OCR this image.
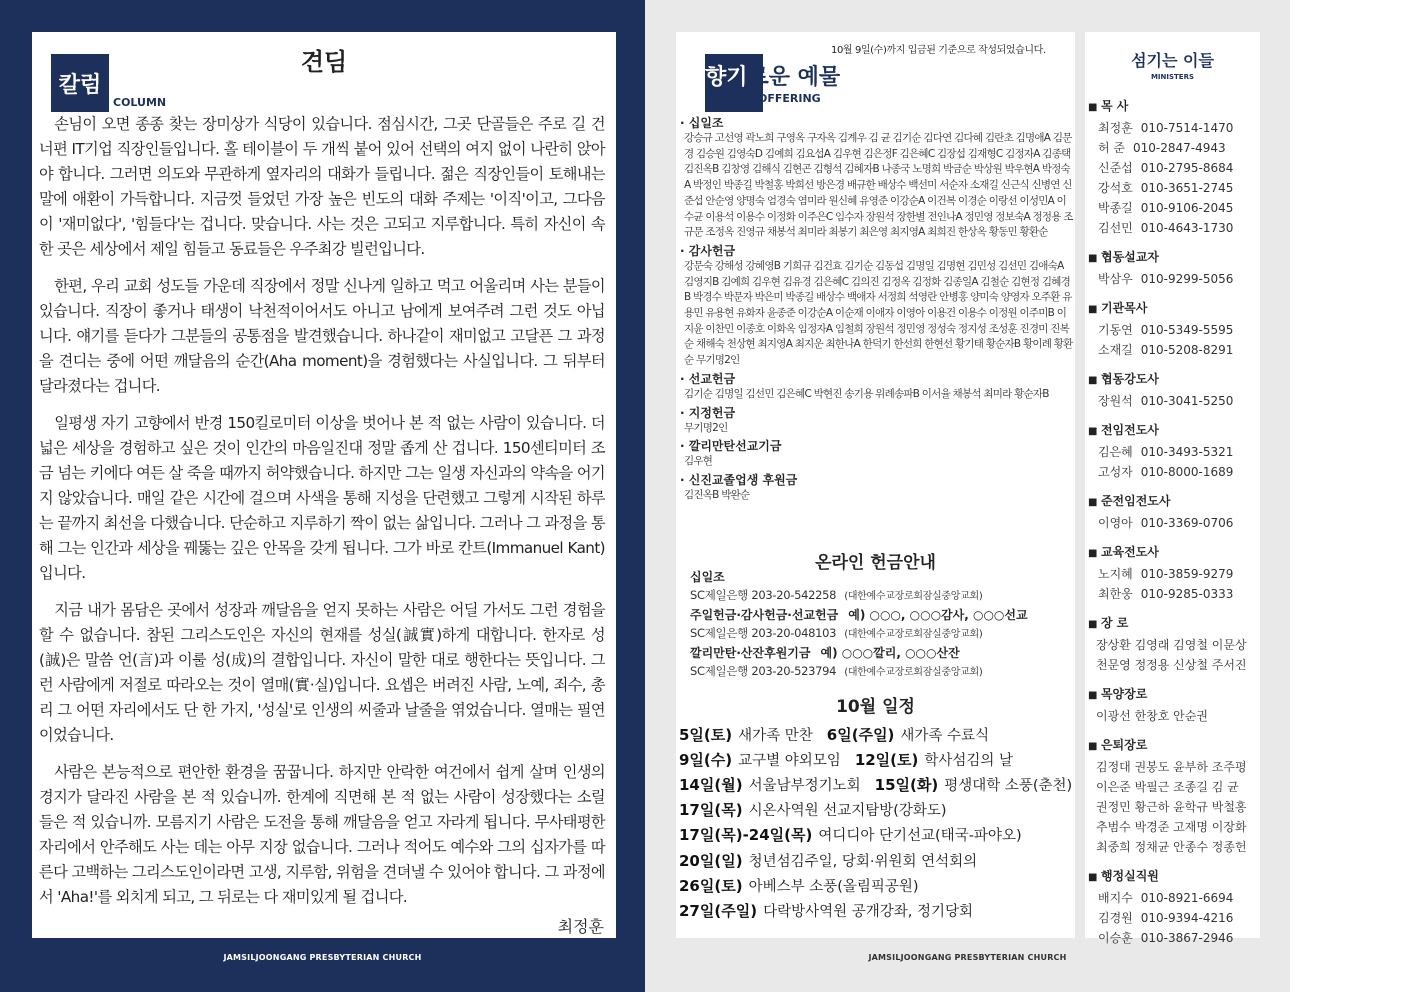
견딤
칼럼
COLUMN

손님이 오면 종종 찾는 장미상가 식당이 있습니다. 점심시간, 그곳 단골들은 주로 길 건너편 IT기업 직장인들입니다. 홀 테이블이 두 개씩 붙어 있어 선택의 여지 없이 나란히 앉아야 합니다. 그러면 의도와 무관하게 옆자리의 대화가 들립니다. 젊은 직장인들이 토해내는 말에 애환이 가득합니다. 지금껏 들었던 가장 높은 빈도의 대화 주제는 '이직'이고, 그다음이 '재미없다', '힘들다'는 겁니다. 맞습니다. 사는 것은 고되고 지루합니다. 특히 자신이 속한 곳은 세상에서 제일 힘들고 동료들은 우주최강 빌런입니다.

한편, 우리 교회 성도들 가운데 직장에서 정말 신나게 일하고 먹고 어울리며 사는 분들이 있습니다. 직장이 좋거나 태생이 낙천적이어서도 아니고 남에게 보여주려 그런 것도 아닙니다. 얘기를 듣다가 그분들의 공통점을 발견했습니다. 하나같이 재미없고 고달픈 그 과정을 견디는 중에 어떤 깨달음의 순간(Aha moment)을 경험했다는 사실입니다. 그 뒤부터 달라졌다는 겁니다.

일평생 자기 고향에서 반경 150킬로미터 이상을 벗어나 본 적 없는 사람이 있습니다. 더 넓은 세상을 경험하고 싶은 것이 인간의 마음일진대 정말 좁게 산 겁니다. 150센티미터 조금 넘는 키에다 여든 살 죽을 때까지 허약했습니다. 하지만 그는 일생 자신과의 약속을 어기지 않았습니다. 매일 같은 시간에 걸으며 사색을 통해 지성을 단련했고 그렇게 시작된 하루는 끝까지 최선을 다했습니다. 단순하고 지루하기 짝이 없는 삶입니다. 그러나 그 과정을 통해 그는 인간과 세상을 꿰뚫는 깊은 안목을 갖게 됩니다. 그가 바로 칸트(Immanuel Kant)입니다.

지금 내가 몸담은 곳에서 성장과 깨달음을 얻지 못하는 사람은 어딜 가서도 그런 경험을 할 수 없습니다. 참된 그리스도인은 자신의 현재를 성실(誠實)하게 대합니다. 한자로 성(誠)은 말씀 언(言)과 이룰 성(成)의 결합입니다. 자신이 말한 대로 행한다는 뜻입니다. 그런 사람에게 저절로 따라오는 것이 열매(實·실)입니다. 요셉은 버려진 사람, 노예, 죄수, 총리 그 어떤 자리에서도 단 한 가지, '성실'로 인생의 씨줄과 날줄을 엮었습니다. 열매는 필연이었습니다.

사람은 본능적으로 편안한 환경을 꿈꿉니다. 하지만 안락한 여건에서 쉽게 살며 인생의 경지가 달라진 사람을 본 적 있습니까. 한계에 직면해 본 적 없는 사람이 성장했다는 소릴 들은 적 있습니까. 모름지기 사람은 도전을 통해 깨달음을 얻고 자라게 됩니다. 무사태평한 자리에서 안주해도 사는 데는 아무 지장 없습니다. 그러나 적어도 예수와 그의 십자가를 따른다 고백하는 그리스도인이라면 고생, 지루함, 위험을 견뎌낼 수 있어야 합니다. 그 과정에서 'Aha!'를 외치게 되고, 그 뒤로는 다 재미있게 될 겁니다.

최정훈
JAMSILJOONGANG PRESBYTERIAN CHURCH
10월 9일(수)까지 입금된 기준으로 작성되었습니다.
향기로운 예물
OFFERING
· 십일조
강승규 고선영 곽노희 구영옥 구자옥 김계우 김 균 김기순 김다연 김다혜 김란초 김명애A 김문경 김승원 김영숙D 김예희 김요섭A 김우현 김은정F 김은혜C 김장섭 김재형C 김정자A 김종택 김진옥B 김창영 김해식 김현곤 김형석 김혜자B 나종국 노명희 박금순 박상원 박우현A 박정숙A 박정인 박종길 박철홍 박희선 방은경 배규한 배상수 백선미 서순자 소재길 신근식 신병연 신준섭 안순영 양명숙 엄경숙 염미라 원신혜 유영준 이강순A 이건복 이경순 이랑선 이성민A 이수균 이용석 이용수 이정화 이주은C 임수자 장원석 장한별 전인나A 정민영 정보숙A 정정용 조규문 조정옥 진영규 채봉석 최미라 최봉기 최은영 최지영A 최희진 한상옥 황동민 황환순
· 감사헌금
강문숙 강해성 강혜영B 기희규 김건효 김기순 김동섭 김명일 김명현 김민성 김선민 김애숙A 김영지B 김예희 김우현 김유경 김은혜C 김의진 김정옥 김정화 김종일A 김철순 김현정 김혜경B 박경수 박문자 박은미 박종길 배상수 백애자 서정희 석영란 안병홍 양미숙 양영자 오주환 유용민 유용현 유화자 윤종준 이강순A 이순재 이애자 이영아 이용건 이용수 이정원 이주미B 이지윤 이찬민 이종호 이화옥 임정자A 임철희 장원석 정민영 정성숙 정지성 조성훈 진경미 진복순 채해숙 천상현 최지영A 최지운 최한나A 한덕기 한선희 한현선 황기태 황순자B 황이례 황환순 무기명2인
· 선교헌금
김기순 김명일 김선민 김은혜C 박현진 송기용 위례송파B 이서율 채봉석 최미라 황순자B
· 지정헌금
무기명2인
· 깔리만탄선교기금
김우현
· 신진교졸업생 후원금
김진옥B 박완순
온라인 헌금안내
십일조
SC제일은행 203-20-542258 (대한예수교장로회잠실중앙교회)
주일헌금·감사헌금·선교헌금 예) ○○○, ○○○감사, ○○○선교
SC제일은행 203-20-048103 (대한예수교장로회잠실중앙교회)
깔리만탄·산잔후원기금 예) ○○○깔리, ○○○산잔
SC제일은행 203-20-523794 (대한예수교장로회잠실중앙교회)
10월 일정
5일(토) 새가족 만찬 6일(주일) 새가족 수료식
9일(수) 교구별 야외모임 12일(토) 학사섬김의 날
14일(월) 서울남부정기노회 15일(화) 평생대학 소풍(춘천)
17일(목) 시온사역원 선교지탐방(강화도)
17일(목)-24일(목) 여디디아 단기선교(태국-파야오)
20일(일) 청년섬김주일, 당회·위원회 연석회의
26일(토) 아베스부 소풍(올림픽공원)
27일(주일) 다락방사역원 공개강좌, 정기당회
섬기는 이들
MINISTERS
■ 목 사
최정훈 010-7514-1470
허 준 010-2847-4943
신준섭 010-2795-8684
강석호 010-3651-2745
박종길 010-9106-2045
김선민 010-4643-1730
■ 협동설교자
박삼우 010-9299-5056
■ 기관목사
기동연 010-5349-5595
소재길 010-5208-8291
■ 협동강도사
장원석 010-3041-5250
■ 전임전도사
김은혜 010-3493-5321
고성자 010-8000-1689
■ 준전임전도사
이영아 010-3369-0706
■ 교육전도사
노지혜 010-3859-9279
최한웅 010-9285-0333
■ 장 로
장상환 김영래 김영철 이문상
천문영 정정용 신상철 주서진
■ 목양장로
이광선 한창호 안순권
■ 은퇴장로
김정대 권봉도 윤부하 조주평
이은준 박필근 조종길 김 균
권정민 황근하 윤학규 박철홍
추범수 박경준 고재명 이장화
최중희 정채균 안종수 정종헌
■ 행정실직원
배지수 010-8921-6694
김경원 010-9394-4216
이승훈 010-3867-2946
JAMSILJOONGANG PRESBYTERIAN CHURCH
